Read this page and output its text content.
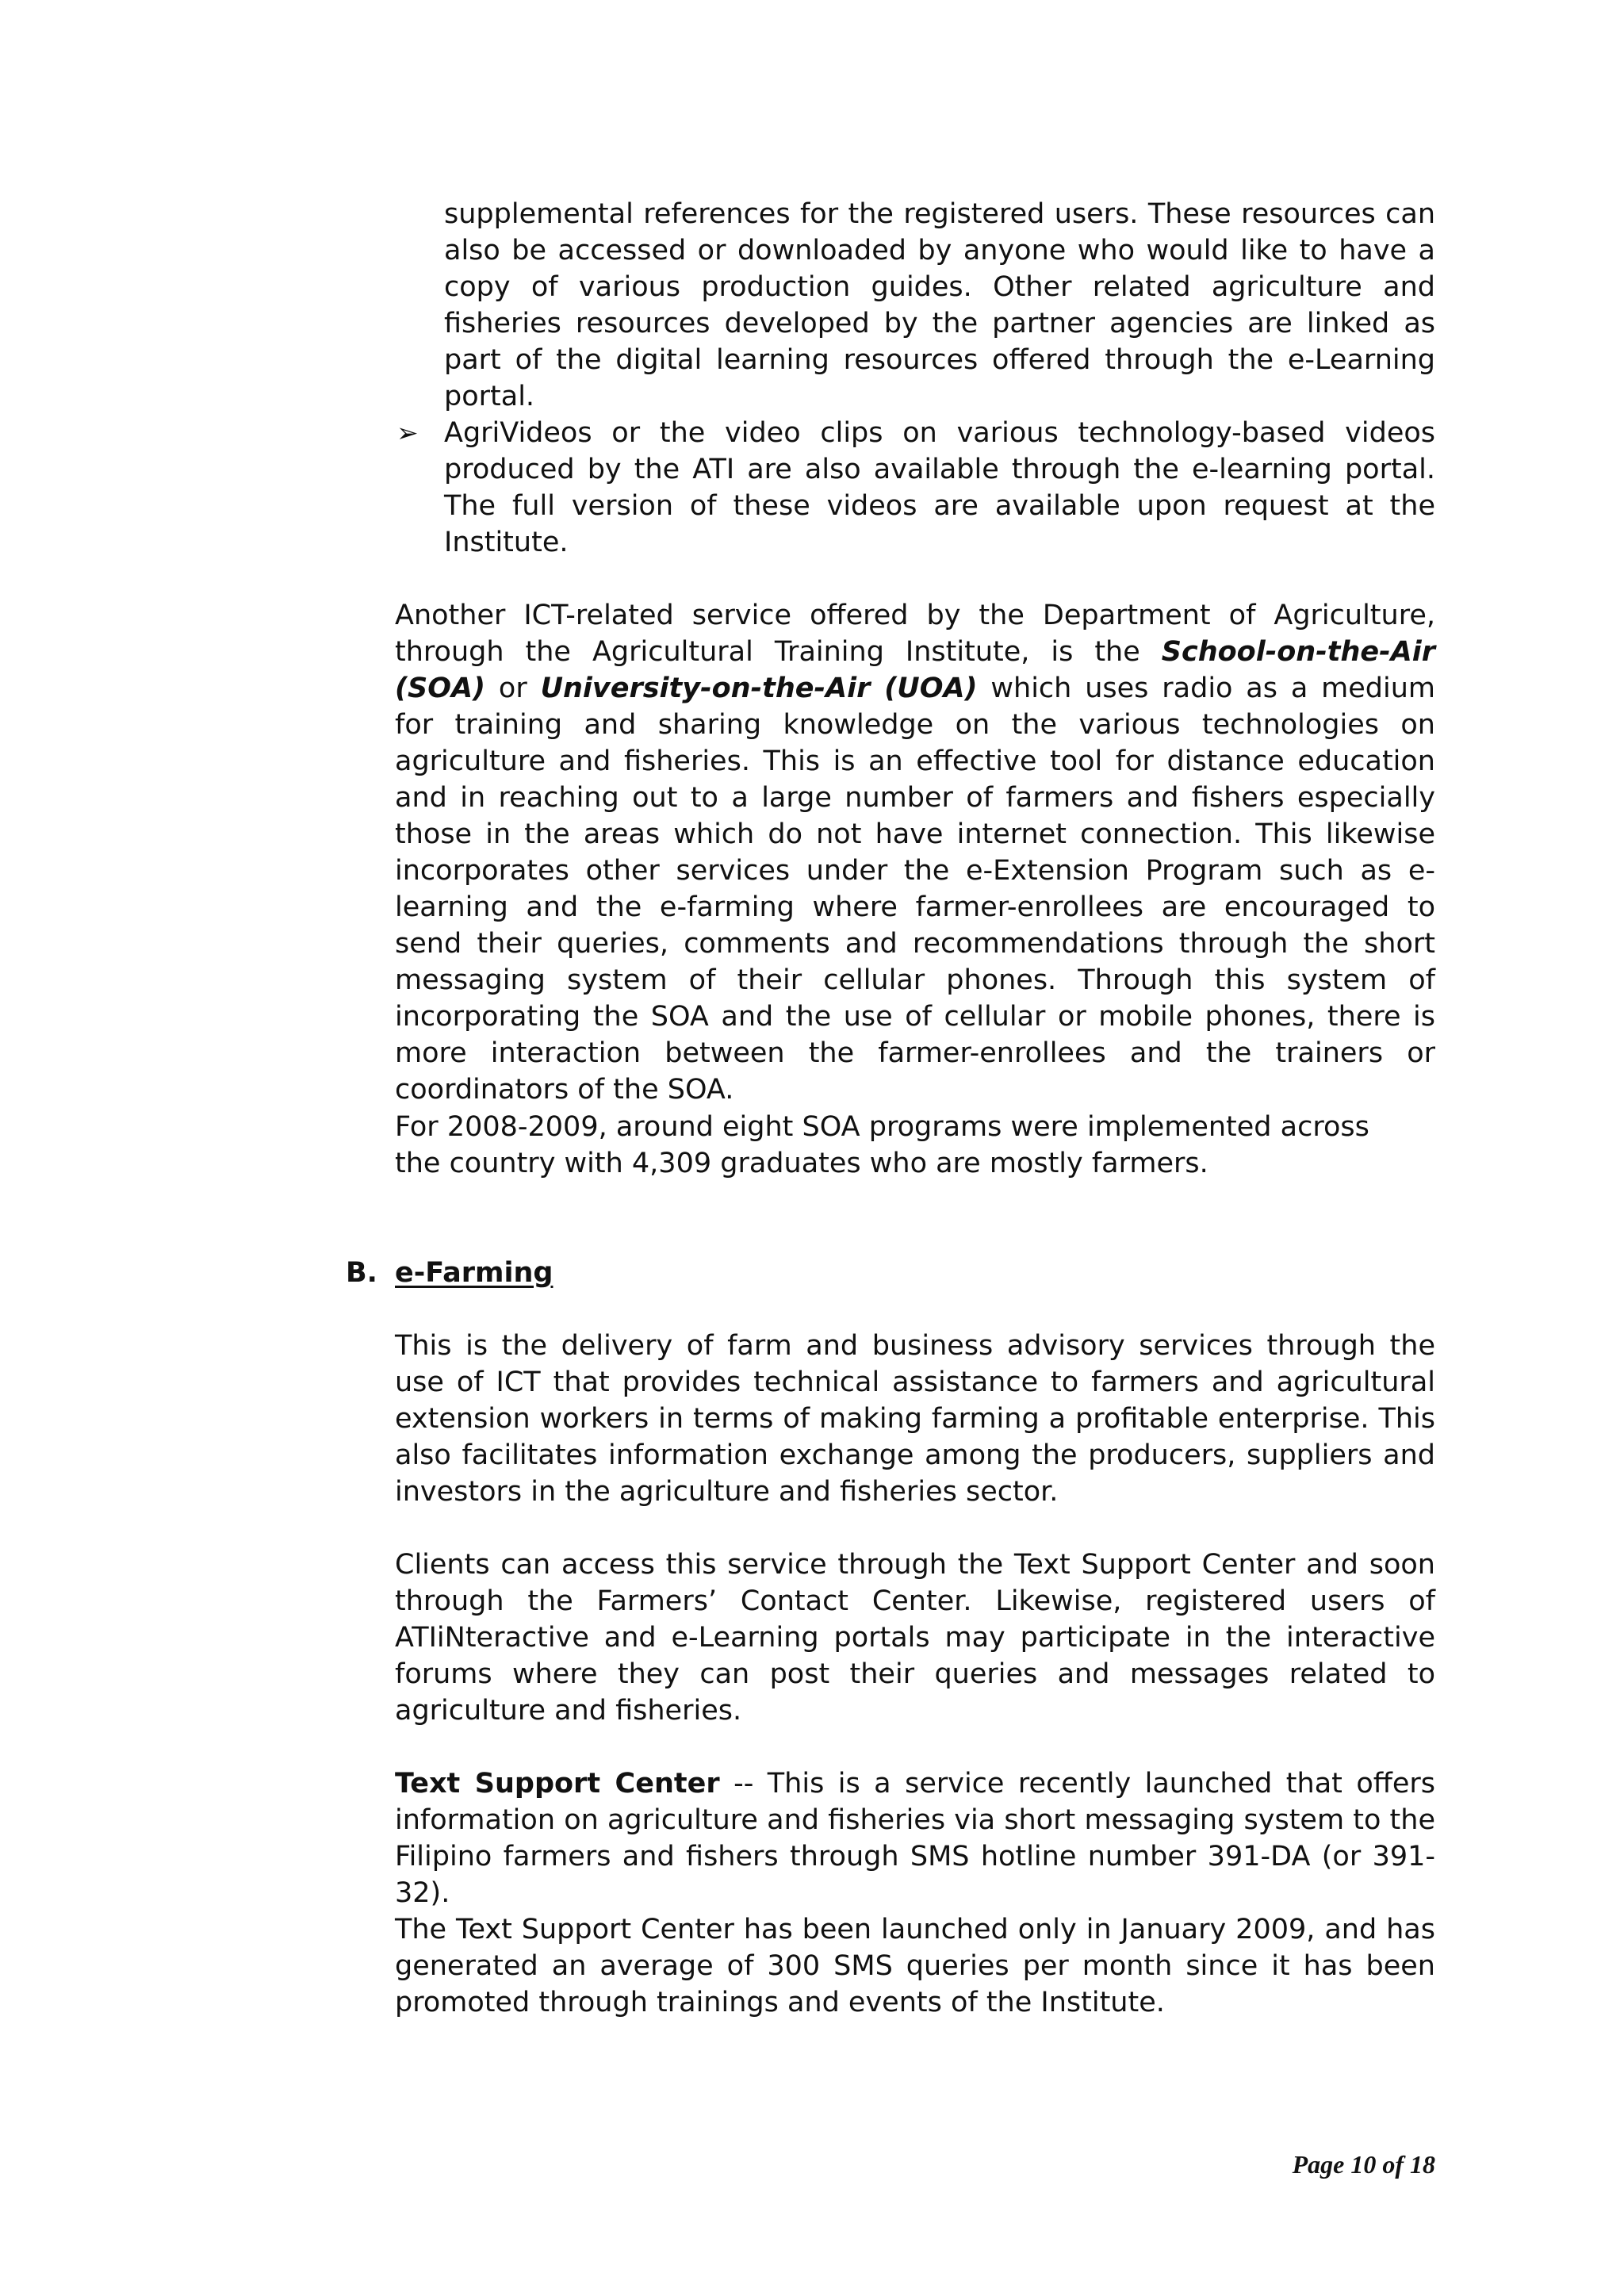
supplemental references for the registered users. These resources can also be accessed or downloaded by anyone who would like to have a copy of various production guides. Other related agriculture and fisheries resources developed by the partner agencies are linked as part of the digital learning resources offered through the e-Learning portal.

➢ AgriVideos or the video clips on various technology-based videos produced by the ATI are also available through the e-learning portal. The full version of these videos are available upon request at the Institute.

Another ICT-related service offered by the Department of Agriculture, through the Agricultural Training Institute, is the School-on-the-Air (SOA) or University-on-the-Air (UOA) which uses radio as a medium for training and sharing knowledge on the various technologies on agriculture and fisheries. This is an effective tool for distance education and in reaching out to a large number of farmers and fishers especially those in the areas which do not have internet connection. This likewise incorporates other services under the e-Extension Program such as e-learning and the e-farming where farmer-enrollees are encouraged to send their queries, comments and recommendations through the short messaging system of their cellular phones. Through this system of incorporating the SOA and the use of cellular or mobile phones, there is more interaction between the farmer-enrollees and the trainers or coordinators of the SOA.

For 2008-2009, around eight SOA programs were implemented across the country with 4,309 graduates who are mostly farmers.

B. e-Farming

This is the delivery of farm and business advisory services through the use of ICT that provides technical assistance to farmers and agricultural extension workers in terms of making farming a profitable enterprise. This also facilitates information exchange among the producers, suppliers and investors in the agriculture and fisheries sector.

Clients can access this service through the Text Support Center and soon through the Farmers’ Contact Center. Likewise, registered users of ATIiNteractive and e-Learning portals may participate in the interactive forums where they can post their queries and messages related to agriculture and fisheries.

Text Support Center -- This is a service recently launched that offers information on agriculture and fisheries via short messaging system to the Filipino farmers and fishers through SMS hotline number 391-DA (or 391-32).

The Text Support Center has been launched only in January 2009, and has generated an average of 300 SMS queries per month since it has been promoted through trainings and events of the Institute.

Page 10 of 18
